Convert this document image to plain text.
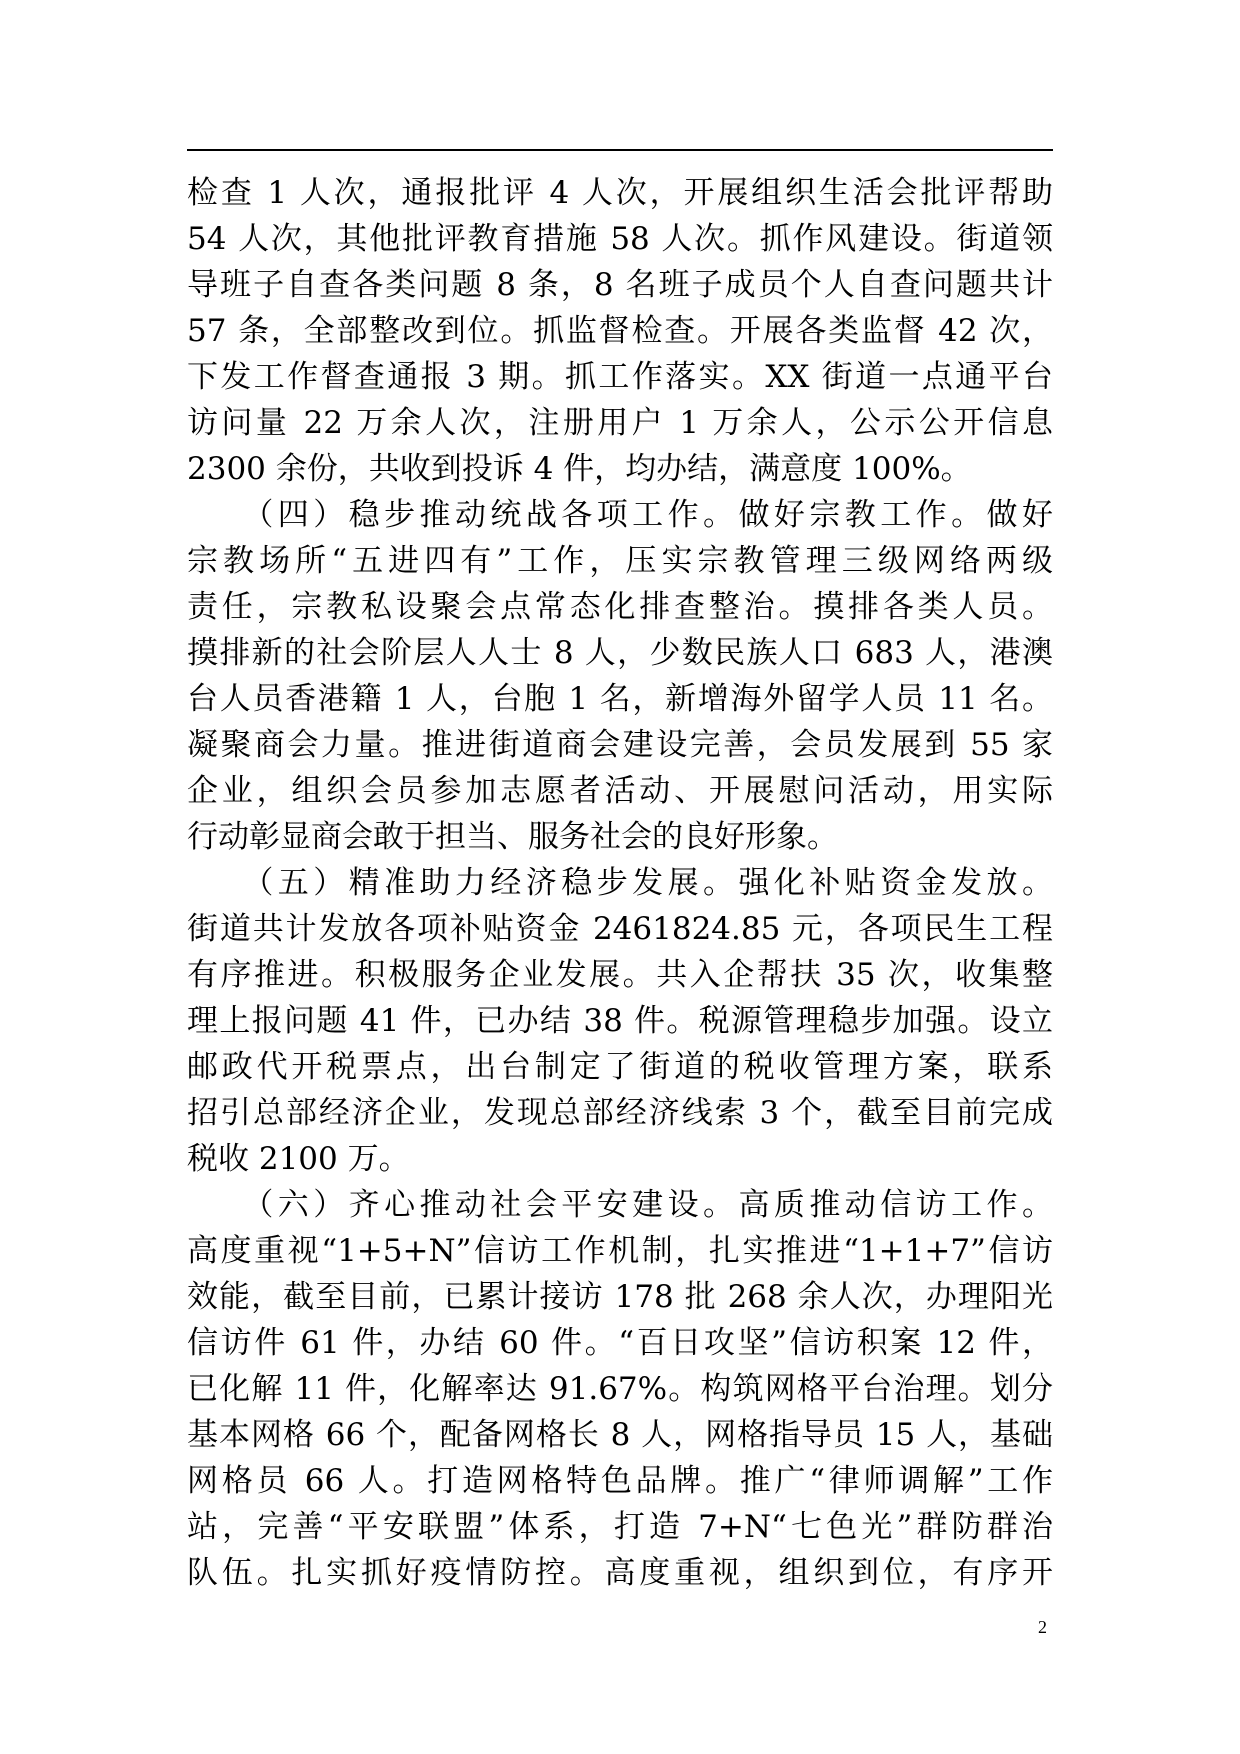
检查 1 人次，通报批评 4 人次，开展组织生活会批评帮助
54 人次，其他批评教育措施 58 人次。抓作风建设。街道领
导班子自查各类问题 8 条，8 名班子成员个人自查问题共计
57 条，全部整改到位。抓监督检查。开展各类监督 42 次，
下发工作督查通报 3 期。抓工作落实。XX 街道一点通平台
访问量 22 万余人次，注册用户 1 万余人，公示公开信息
2300 余份，共收到投诉 4 件，均办结，满意度 100%。
　　（四）稳步推动统战各项工作。做好宗教工作。做好
宗教场所“五进四有”工作，压实宗教管理三级网络两级
责任，宗教私设聚会点常态化排查整治。摸排各类人员。
摸排新的社会阶层人人士 8 人，少数民族人口 683 人，港澳
台人员香港籍 1 人，台胞 1 名，新增海外留学人员 11 名。
凝聚商会力量。推进街道商会建设完善，会员发展到 55 家
企业，组织会员参加志愿者活动、开展慰问活动，用实际
行动彰显商会敢于担当、服务社会的良好形象。
　　（五）精准助力经济稳步发展。强化补贴资金发放。
街道共计发放各项补贴资金 2461824.85 元，各项民生工程
有序推进。积极服务企业发展。共入企帮扶 35 次，收集整
理上报问题 41 件，已办结 38 件。税源管理稳步加强。设立
邮政代开税票点，出台制定了街道的税收管理方案，联系
招引总部经济企业，发现总部经济线索 3 个，截至目前完成
税收 2100 万。
　　（六）齐心推动社会平安建设。高质推动信访工作。
高度重视“1+5+N”信访工作机制，扎实推进“1+1+7”信访
效能，截至目前，已累计接访 178 批 268 余人次，办理阳光
信访件 61 件，办结 60 件。“百日攻坚”信访积案 12 件，
已化解 11 件，化解率达 91.67%。构筑网格平台治理。划分
基本网格 66 个，配备网格长 8 人，网格指导员 15 人，基础
网格员 66 人。打造网格特色品牌。推广“律师调解”工作
站，完善“平安联盟”体系，打造 7+N“七色光”群防群治
队伍。扎实抓好疫情防控。高度重视，组织到位，有序开
2
